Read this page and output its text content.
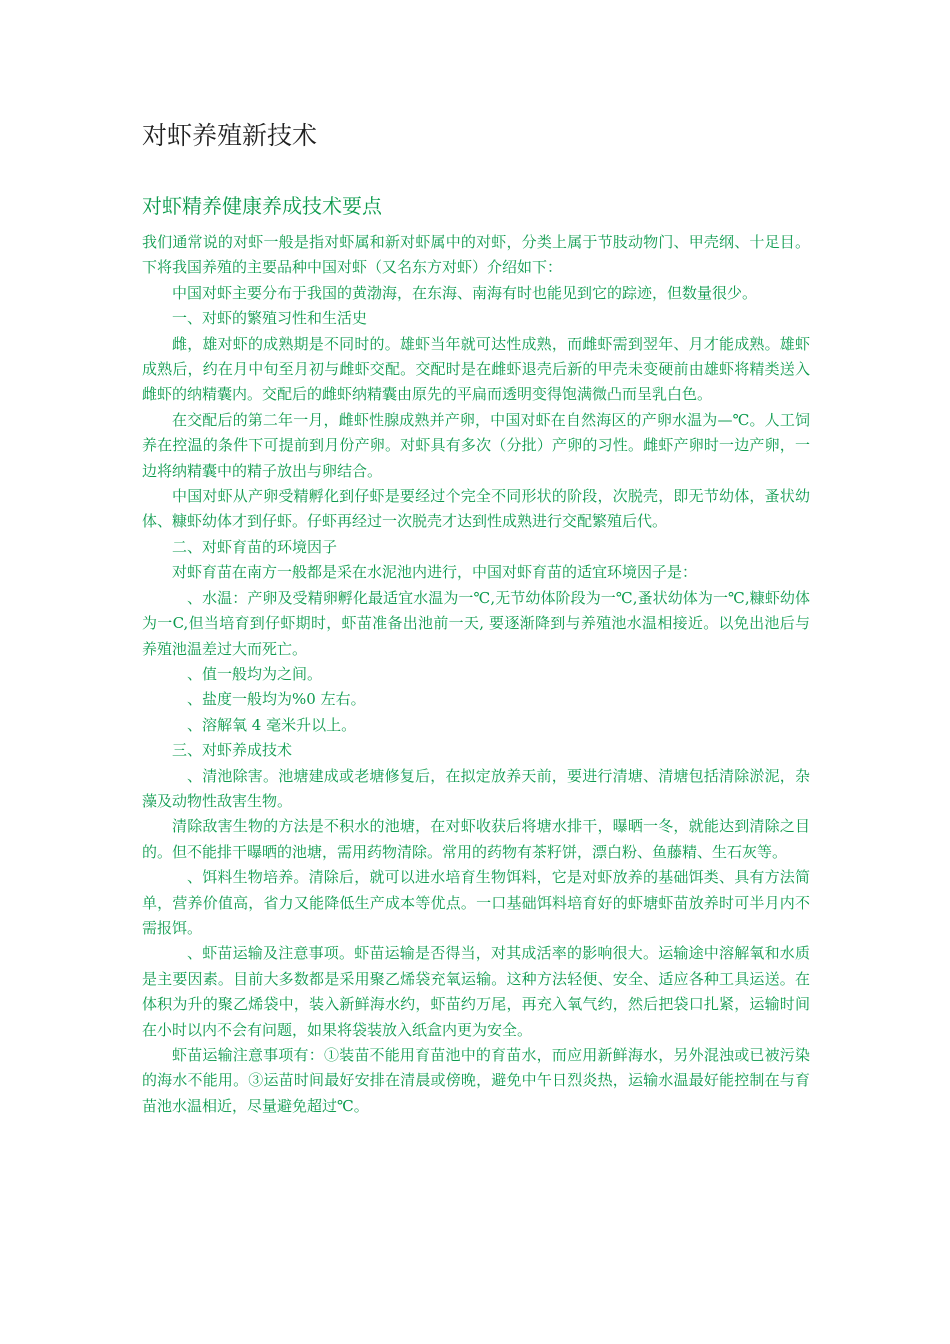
对虾养殖新技术
对虾精养健康养成技术要点

我们通常说的对虾一般是指对虾属和新对虾属中的对虾，分类上属于节肢动物门、甲壳纲、十足目。下将我国养殖的主要品种中国对虾（又名东方对虾）介绍如下：

中国对虾主要分布于我国的黄渤海，在东海、南海有时也能见到它的踪迹，但数量很少。

一、对虾的繁殖习性和生活史

雌，雄对虾的成熟期是不同时的。雄虾当年就可达性成熟，而雌虾需到翌年、月才能成熟。雄虾成熟后，约在月中旬至月初与雌虾交配。交配时是在雌虾退壳后新的甲壳未变硬前由雄虾将精类送入雌虾的纳精囊内。交配后的雌虾纳精囊由原先的平扁而透明变得饱满微凸而呈乳白色。

在交配后的第二年一月，雌虾性腺成熟并产卵，中国对虾在自然海区的产卵水温为—℃。人工饲养在控温的条件下可提前到月份产卵。对虾具有多次（分批）产卵的习性。雌虾产卵时一边产卵，一边将纳精囊中的精子放出与卵结合。

中国对虾从产卵受精孵化到仔虾是要经过个完全不同形状的阶段，次脱壳，即无节幼体，蚤状幼体、糠虾幼体才到仔虾。仔虾再经过一次脱壳才达到性成熟进行交配繁殖后代。

二、对虾育苗的环境因子

对虾育苗在南方一般都是采在水泥池内进行，中国对虾育苗的适宜环境因子是：

、水温：产卵及受精卵孵化最适宜水温为一℃,无节幼体阶段为一℃,蚤状幼体为一℃,糠虾幼体为一C,但当培育到仔虾期时，虾苗准备出池前一天, 要逐渐降到与养殖池水温相接近。以免出池后与养殖池温差过大而死亡。

、值一般均为之间。

、盐度一般均为%0 左右。

、溶解氧 4 毫米升以上。

三、对虾养成技术

、清池除害。池塘建成或老塘修复后，在拟定放养天前，要进行清塘、清塘包括清除淤泥，杂藻及动物性敌害生物。

清除敌害生物的方法是不积水的池塘，在对虾收获后将塘水排干，曝晒一冬，就能达到清除之目的。但不能排干曝晒的池塘，需用药物清除。常用的药物有茶籽饼，漂白粉、鱼藤精、生石灰等。

、饵料生物培养。清除后，就可以进水培育生物饵料，它是对虾放养的基础饵类、具有方法简单，营养价值高，省力又能降低生产成本等优点。一口基础饵料培育好的虾塘虾苗放养时可半月内不需报饵。

、虾苗运输及注意事项。虾苗运输是否得当，对其成活率的影响很大。运输途中溶解氧和水质是主要因素。目前大多数都是采用聚乙烯袋充氧运输。这种方法轻便、安全、适应各种工具运送。在体积为升的聚乙烯袋中，装入新鲜海水约，虾苗约万尾，再充入氧气约，然后把袋口扎紧，运输时间在小时以内不会有问题，如果将袋装放入纸盒内更为安全。

虾苗运输注意事项有：①装苗不能用育苗池中的育苗水，而应用新鲜海水，另外混浊或已被污染的海水不能用。③运苗时间最好安排在清晨或傍晚，避免中午日烈炎热，运输水温最好能控制在与育苗池水温相近，尽量避免超过℃。
